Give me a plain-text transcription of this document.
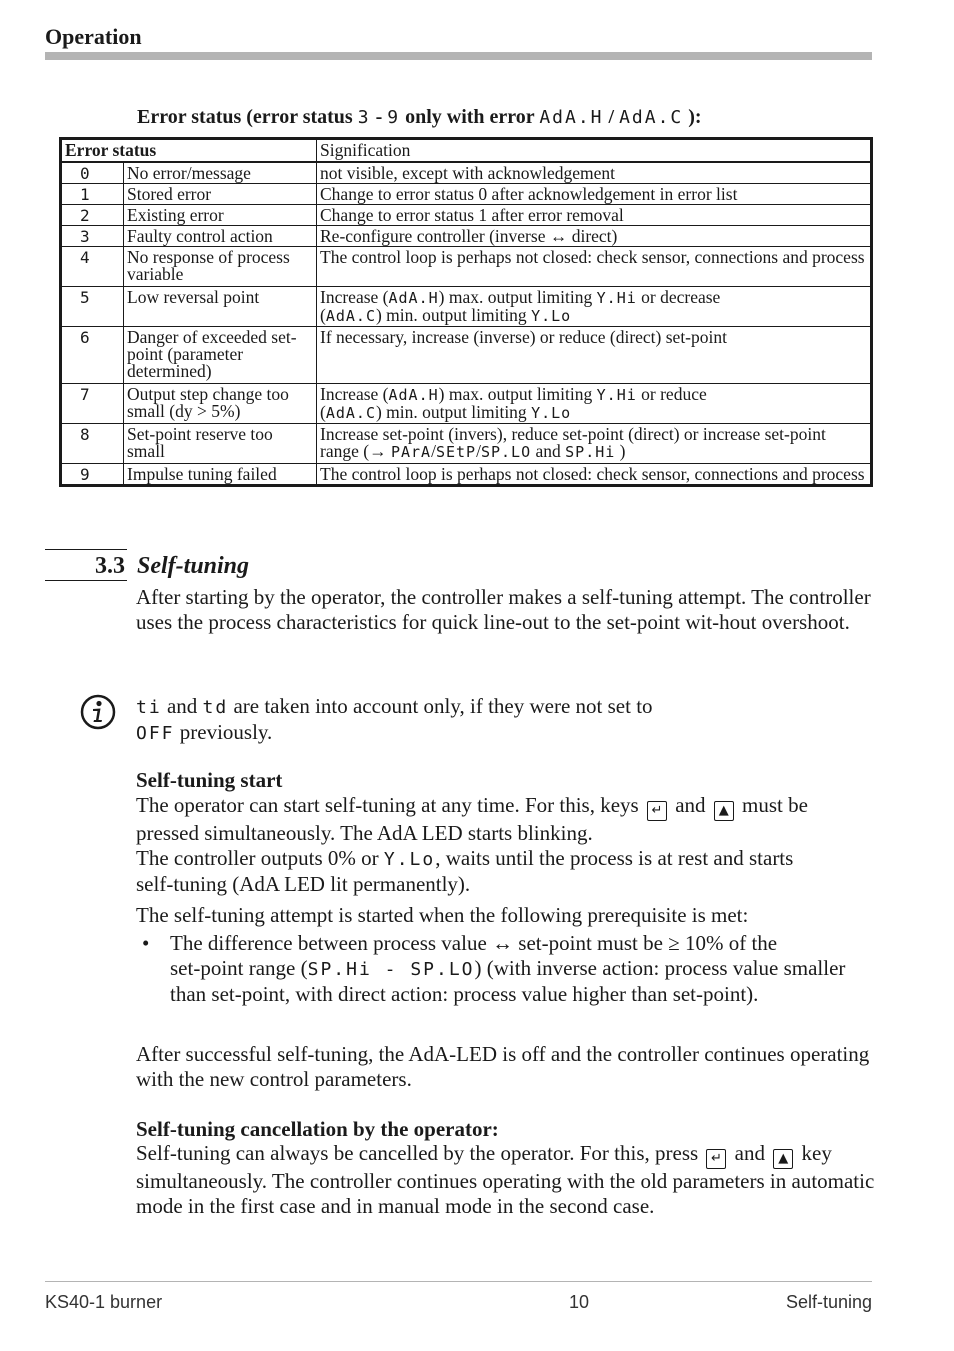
Operation
Error status (error status 3 - 9 only with error AdA.H / AdA.C ):
Error status		Signification
0	No error/message	not visible, except with acknowledgement
1	Stored error	Change to error status 0 after acknowledgement in error list
2	Existing error	Change to error status 1 after error removal
3	Faulty control action	Re-configure controller (inverse ↔ direct)
4	No response of process variable	The control loop is perhaps not closed: check sensor, connections and process
5	Low reversal point	Increase (AdA.H) max. output limiting Y.Hi or decrease
(AdA.C) min. output limiting Y.Lo
6	Danger of exceeded set-point (parameter determined)	If necessary, increase (inverse) or reduce (direct) set-point
7	Output step change too small (dy > 5%)	Increase (AdA.H) max. output limiting Y.Hi or reduce
(AdA.C) min. output limiting Y.Lo
8	Set-point reserve too small	Increase set-point (invers), reduce set-point (direct) or increase set-point range (→ PArA/SEtP/SP.LO and SP.Hi )
9	Impulse tuning failed	The control loop is perhaps not closed: check sensor, connections and process
3.3 Self-tuning
After starting by the operator, the controller makes a self-tuning attempt. The controller uses the process characteristics for quick line-out to the set-point wit-hout overshoot.
ti and td are taken into account only, if they were not set to
OFF previously.
Self-tuning start
The operator can start self-tuning at any time. For this, keys ↵ and ▲ must be
pressed simultaneously. The AdA LED starts blinking.
The controller outputs 0% or Y.Lo, waits until the process is at rest and starts
self-tuning (AdA LED lit permanently).
The self-tuning attempt is started when the following prerequisite is met:
• The difference between process value ↔ set-point must be ≥ 10% of the
set-point range (SP.Hi - SP.LO) (with inverse action: process value smaller
than set-point, with direct action: process value higher than set-point).
After successful self-tuning, the AdA-LED is off and the controller continues operating with the new control parameters.
Self-tuning cancellation by the operator:
Self-tuning can always be cancelled by the operator. For this, press ↵ and ▲ key simultaneously. The controller continues operating with the old parameters in automatic mode in the first case and in manual mode in the second case.
KS40-1 burner	10	Self-tuning
